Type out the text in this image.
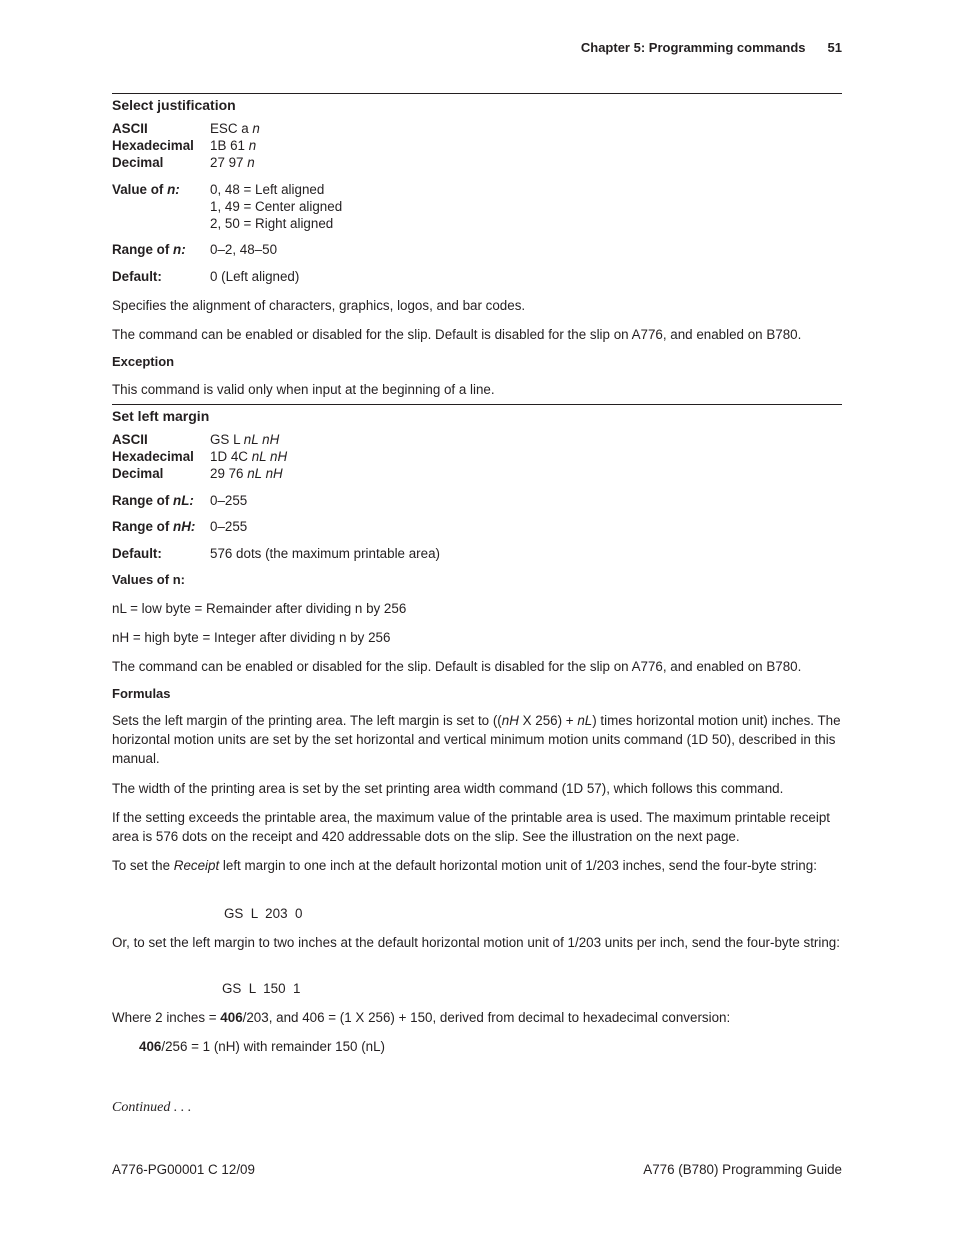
Chapter 5: Programming commands 51
Select justification
ASCII	ESC a n
Hexadecimal 1B 61 n
Decimal	27 97 n
Value of n: 0, 48 = Left aligned
1, 49 = Center aligned
2, 50 = Right aligned
Range of n: 0–2, 48–50
Default:	0 (Left aligned)
Specifies the alignment of characters, graphics, logos, and bar codes.
The command can be enabled or disabled for the slip. Default is disabled for the slip on A776, and enabled on B780.
Exception
This command is valid only when input at the beginning of a line.
Set left margin
ASCII	GS L nL nH
Hexadecimal 1D 4C nL nH
Decimal	29 76 nL nH
Range of nL: 0–255
Range of nH: 0–255
Default:	576 dots (the maximum printable area)
Values of n:
nL = low byte = Remainder after dividing n by 256
nH = high byte = Integer after dividing n by 256
The command can be enabled or disabled for the slip. Default is disabled for the slip on A776, and enabled on B780.
Formulas
Sets the left margin of the printing area. The left margin is set to ((nH X 256) + nL) times horizontal motion unit) inches. The horizontal motion units are set by the set horizontal and vertical minimum motion units command (1D 50), described in this manual.
The width of the printing area is set by the set printing area width command (1D 57), which follows this command.
If the setting exceeds the printable area, the maximum value of the printable area is used. The maximum printable receipt area is 576 dots on the receipt and 420 addressable dots on the slip. See the illustration on the next page.
To set the Receipt left margin to one inch at the default horizontal motion unit of 1/203 inches, send the four-byte string:
GS  L  203  0
Or, to set the left margin to two inches at the default horizontal motion unit of 1/203 units per inch, send the four-byte string:
GS  L  150  1
Where 2 inches = 406/203, and 406 = (1 X 256) + 150, derived from decimal to hexadecimal conversion:
406/256 = 1 (nH) with remainder 150 (nL)
Continued . . .
A776-PG00001 C 12/09	A776 (B780) Programming Guide
